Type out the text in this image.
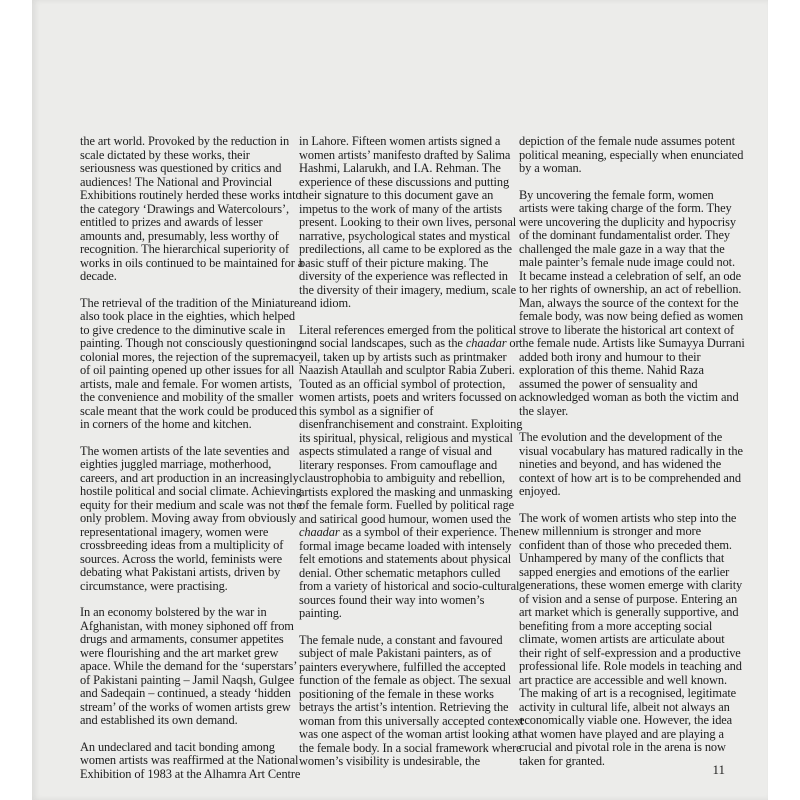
the art world. Provoked by the reduction in scale dictated by these works, their seriousness was questioned by critics and audiences! The National and Provincial Exhibitions routinely herded these works into the category ‘Drawings and Watercolours’, entitled to prizes and awards of lesser amounts and, presumably, less worthy of recognition. The hierarchical superiority of works in oils continued to be maintained for a decade.

The retrieval of the tradition of the Miniature also took place in the eighties, which helped to give credence to the diminutive scale in painting. Though not consciously questioning colonial mores, the rejection of the supremacy of oil painting opened up other issues for all artists, male and female. For women artists, the convenience and mobility of the smaller scale meant that the work could be produced in corners of the home and kitchen.

The women artists of the late seventies and eighties juggled marriage, motherhood, careers, and art production in an increasingly hostile political and social climate. Achieving equity for their medium and scale was not the only problem. Moving away from obviously representational imagery, women were crossbreeding ideas from a multiplicity of sources. Across the world, feminists were debating what Pakistani artists, driven by circumstance, were practising.

In an economy bolstered by the war in Afghanistan, with money siphoned off from drugs and armaments, consumer appetites were flourishing and the art market grew apace. While the demand for the ‘superstars’ of Pakistani painting – Jamil Naqsh, Gulgee and Sadeqain – continued, a steady ‘hidden stream’ of the works of women artists grew and established its own demand.

An undeclared and tacit bonding among women artists was reaffirmed at the National Exhibition of 1983 at the Alhamra Art Centre

in Lahore. Fifteen women artists signed a women artists’ manifesto drafted by Salima Hashmi, Lalarukh, and I.A. Rehman. The experience of these discussions and putting their signature to this document gave an impetus to the work of many of the artists present. Looking to their own lives, personal narrative, psychological states and mystical predilections, all came to be explored as the basic stuff of their picture making. The diversity of the experience was reflected in the diversity of their imagery, medium, scale and idiom.

Literal references emerged from the political and social landscapes, such as the chaadar or veil, taken up by artists such as printmaker Naazish Ataullah and sculptor Rabia Zuberi. Touted as an official symbol of protection, women artists, poets and writers focussed on this symbol as a signifier of disenfranchisement and constraint. Exploiting its spiritual, physical, religious and mystical aspects stimulated a range of visual and literary responses. From camouflage and claustrophobia to ambiguity and rebellion, artists explored the masking and unmasking of the female form. Fuelled by political rage and satirical good humour, women used the chaadar as a symbol of their experience. The formal image became loaded with intensely felt emotions and statements about physical denial. Other schematic metaphors culled from a variety of historical and socio-cultural sources found their way into women’s painting.

The female nude, a constant and favoured subject of male Pakistani painters, as of painters everywhere, fulfilled the accepted function of the female as object. The sexual positioning of the female in these works betrays the artist’s intention. Retrieving the woman from this universally accepted context was one aspect of the woman artist looking at the female body. In a social framework where women’s visibility is undesirable, the

depiction of the female nude assumes potent political meaning, especially when enunciated by a woman.

By uncovering the female form, women artists were taking charge of the form. They were uncovering the duplicity and hypocrisy of the dominant fundamentalist order. They challenged the male gaze in a way that the male painter’s female nude image could not. It became instead a celebration of self, an ode to her rights of ownership, an act of rebellion. Man, always the source of the context for the female body, was now being defied as women strove to liberate the historical art context of the female nude. Artists like Sumayya Durrani added both irony and humour to their exploration of this theme. Nahid Raza assumed the power of sensuality and acknowledged woman as both the victim and the slayer.

The evolution and the development of the visual vocabulary has matured radically in the nineties and beyond, and has widened the context of how art is to be comprehended and enjoyed.

The work of women artists who step into the new millennium is stronger and more confident than of those who preceded them. Unhampered by many of the conflicts that sapped energies and emotions of the earlier generations, these women emerge with clarity of vision and a sense of purpose. Entering an art market which is generally supportive, and benefiting from a more accepting social climate, women artists are articulate about their right of self-expression and a productive professional life. Role models in teaching and art practice are accessible and well known. The making of art is a recognised, legitimate activity in cultural life, albeit not always an economically viable one. However, the idea that women have played and are playing a crucial and pivotal role in the arena is now taken for granted.

11
